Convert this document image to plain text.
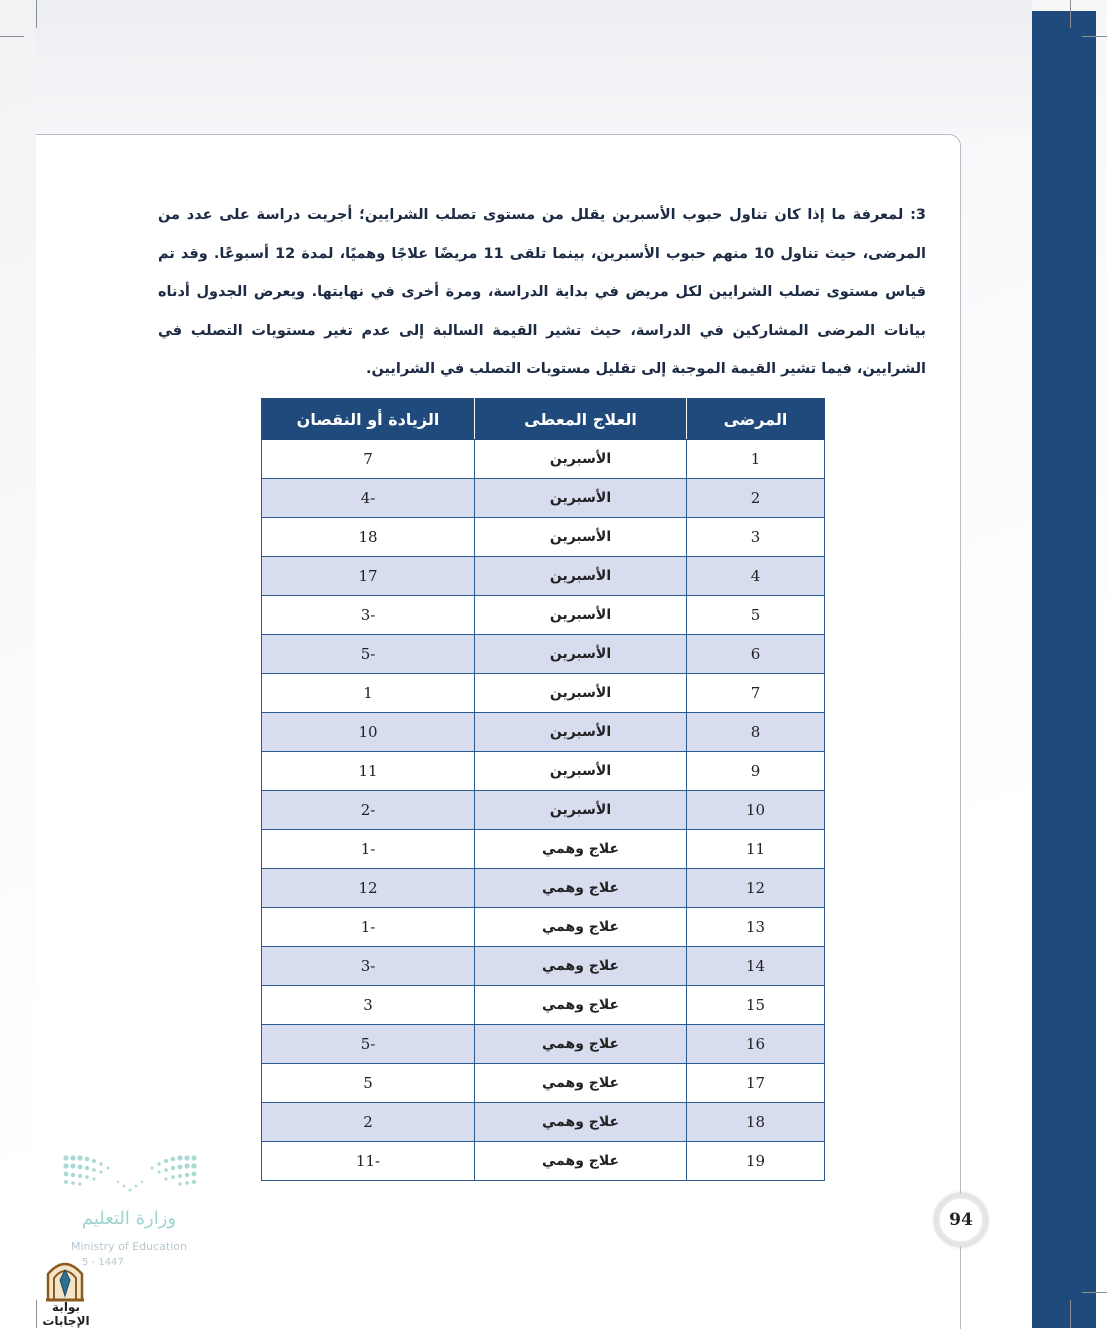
3: لمعرفة ما إذا كان تناول حبوب الأسبرين يقلل من مستوى تصلب الشرايين؛ أجريت دراسة على عدد من المرضى، حيث تناول 10 منهم حبوب الأسبرين، بينما تلقى 11 مريضًا علاجًا وهميًا، لمدة 12 أسبوعًا. وقد تم قياس مستوى تصلب الشرايين لكل مريض في بداية الدراسة، ومرة أخرى في نهايتها. ويعرض الجدول أدناه بيانات المرضى المشاركين في الدراسة، حيث تشير القيمة السالبة إلى عدم تغير مستويات التصلب في الشرايين، فيما تشير القيمة الموجبة إلى تقليل مستويات التصلب في الشرايين.
المرضى	العلاج المعطى	الزيادة أو النقصان
1	الأسبرين	7
2	الأسبرين	-4
3	الأسبرين	18
4	الأسبرين	17
5	الأسبرين	-3
6	الأسبرين	-5
7	الأسبرين	1
8	الأسبرين	10
9	الأسبرين	11
10	الأسبرين	-2
11	علاج وهمي	-1
12	علاج وهمي	12
13	علاج وهمي	-1
14	علاج وهمي	-3
15	علاج وهمي	3
16	علاج وهمي	-5
17	علاج وهمي	5
18	علاج وهمي	2
19	علاج وهمي	-11
94
وزارة التعليم
Ministry of Education
5 - 1447
بوابة الإجابات
